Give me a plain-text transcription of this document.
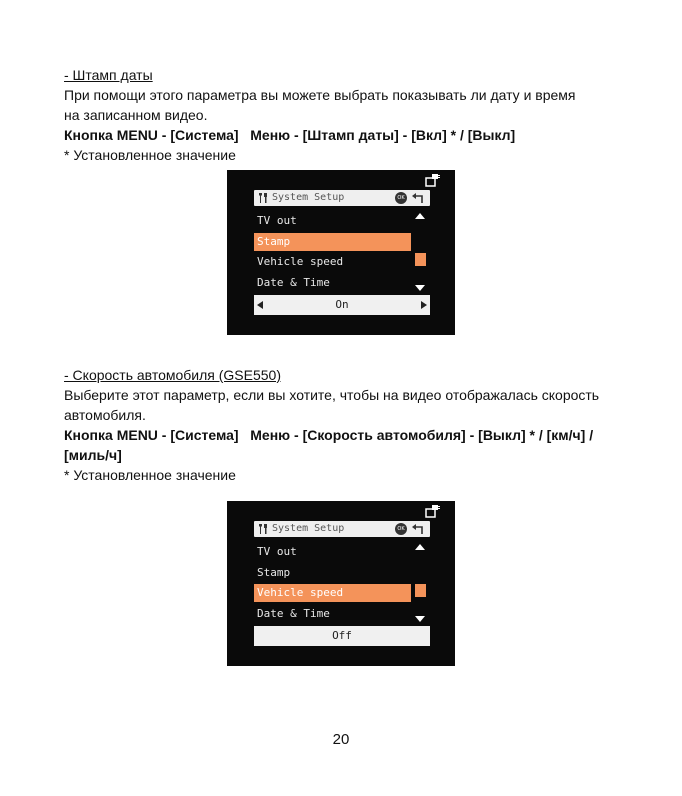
- Штамп даты

При помощи этого параметра вы можете выбрать показывать ли дату и время

на записанном видео.

Кнопка MENU - [Система]   Меню - [Штамп даты] - [Вкл] * / [Выкл]

* Установленное значение

System Setup	OK
TV out
Stamp
Vehicle speed
Date & Time
On

- Скорость автомобиля (GSE550)

Выберите этот параметр, если вы хотите, чтобы на видео отображалась скорость

автомобиля.

Кнопка MENU - [Система]   Меню - [Скорость автомобиля] - [Выкл] * / [км/ч] /

[миль/ч]

* Установленное значение

System Setup	OK
TV out
Stamp
Vehicle speed
Date & Time
Off
20
